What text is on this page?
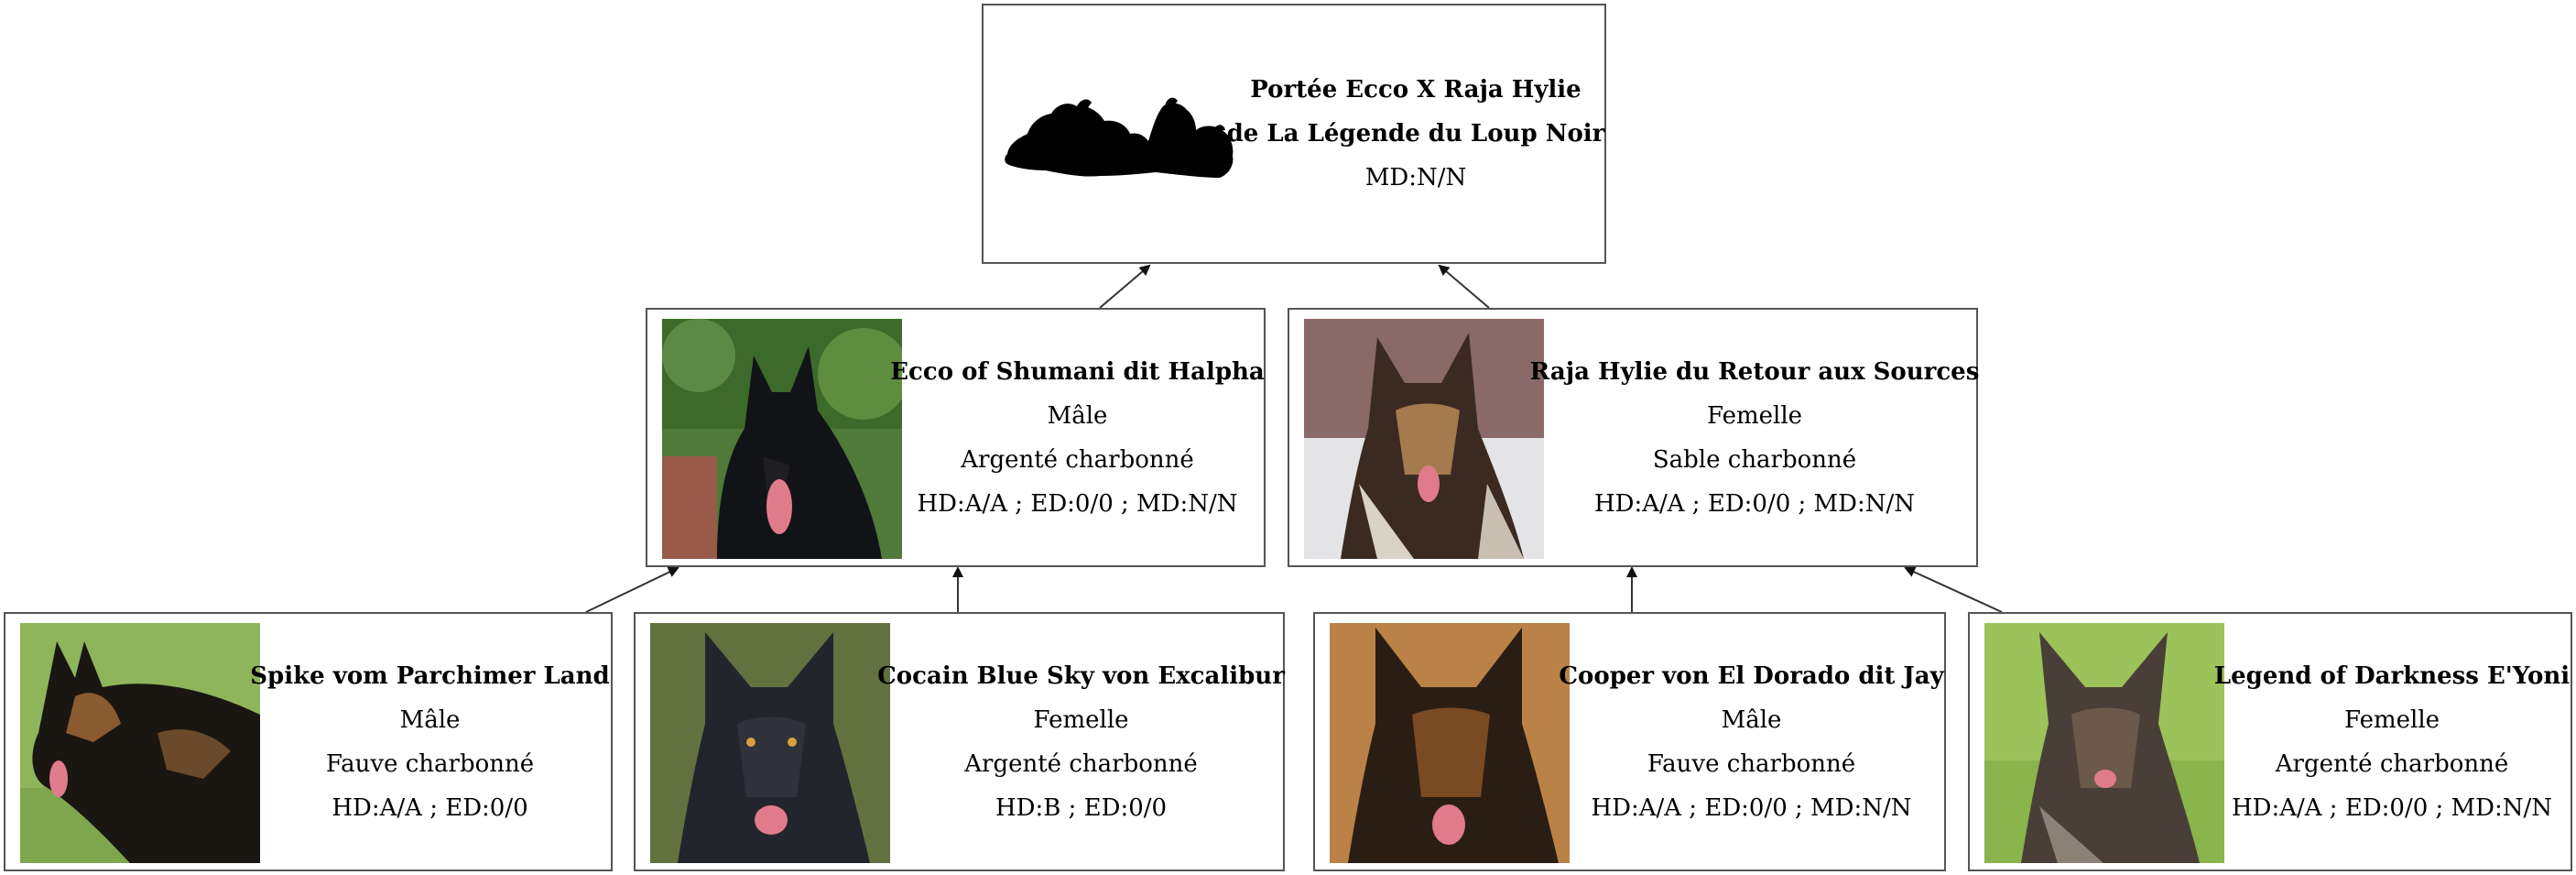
Portée Ecco X Raja Hylie
de La Légende du Loup Noir
MD:N/N
Ecco of Shumani dit Halpha
Mâle
Argenté charbonné
HD:A/A ; ED:0/0 ; MD:N/N
Raja Hylie du Retour aux Sources
Femelle
Sable charbonné
HD:A/A ; ED:0/0 ; MD:N/N
Spike vom Parchimer Land
Mâle
Fauve charbonné
HD:A/A ; ED:0/0
Cocain Blue Sky von Excalibur
Femelle
Argenté charbonné
HD:B ; ED:0/0
Cooper von El Dorado dit Jay
Mâle
Fauve charbonné
HD:A/A ; ED:0/0 ; MD:N/N
Legend of Darkness E'Yoni
Femelle
Argenté charbonné
HD:A/A ; ED:0/0 ; MD:N/N
